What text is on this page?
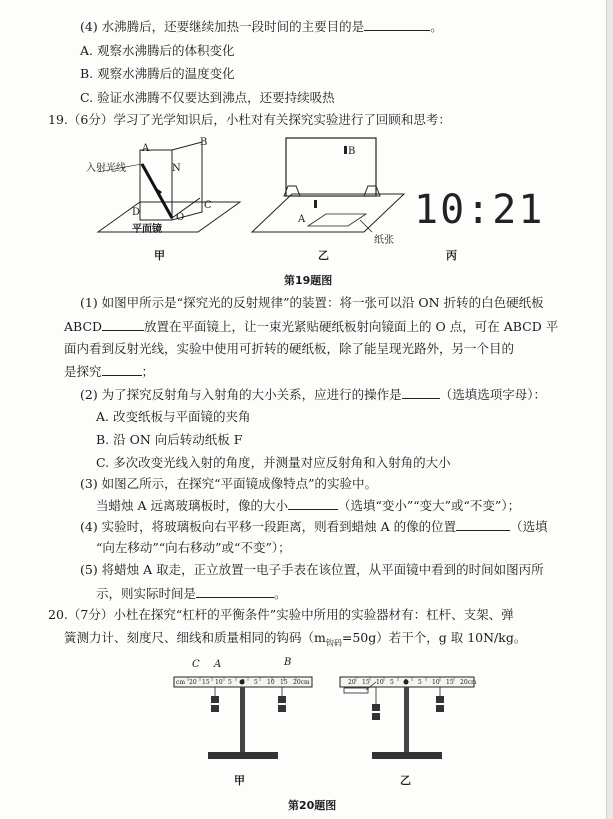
(4) 水沸腾后，还要继续加热一段时间的主要目的是	。
A. 观察水沸腾后的体积变化
B. 观察水沸腾后的温度变化
C. 验证水沸腾不仅要达到沸点，还要持续吸热
19.（6分）学习了光学知识后，小杜对有关探究实验进行了回顾和思考：
入射光线
A
B
N
C
D	O
平面镜
甲
B
A
纸张
乙
10:21
丙
第19题图
(1) 如图甲所示是“探究光的反射规律”的装置：将一张可以沿 ON 折转的白色硬纸板
ABCD	放置在平面镜上，让一束光紧贴硬纸板射向镜面上的 O 点，可在 ABCD 平
面内看到反射光线，实验中使用可折转的硬纸板，除了能呈现光路外，另一个目的
是探究	；
(2) 为了探究反射角与入射角的大小关系，应进行的操作是	（选填选项字母）：
A. 改变纸板与平面镜的夹角
B. 沿 ON 向后转动纸板 F
C. 多次改变光线入射的角度，并测量对应反射角和入射角的大小
(3) 如图乙所示，在探究“平面镜成像特点”的实验中。
当蜡烛 A 远离玻璃板时，像的大小	（选填“变小”“变大”或“不变”）；
(4) 实验时，将玻璃板向右平移一段距离，则看到蜡烛 A 的像的位置	（选填
“向左移动”“向右移动”或“不变”）；
(5) 将蜡烛 A 取走，正立放置一电子手表在该位置，从平面镜中看到的时间如图丙所
示，则实际时间是	。
20.（7分）小杜在探究“杠杆的平衡条件”实验中所用的实验器材有：杠杆、支架、弹
簧测力计、刻度尺、细线和质量相同的钩码$(m_{钩码}=50g)$若干个，g 取 10N/kg。
C A	B
甲	乙
第20题图
cm 20 15 10 5 0 5 10 15 20cm	20 15 10 5 0 5 10 15 20cm
